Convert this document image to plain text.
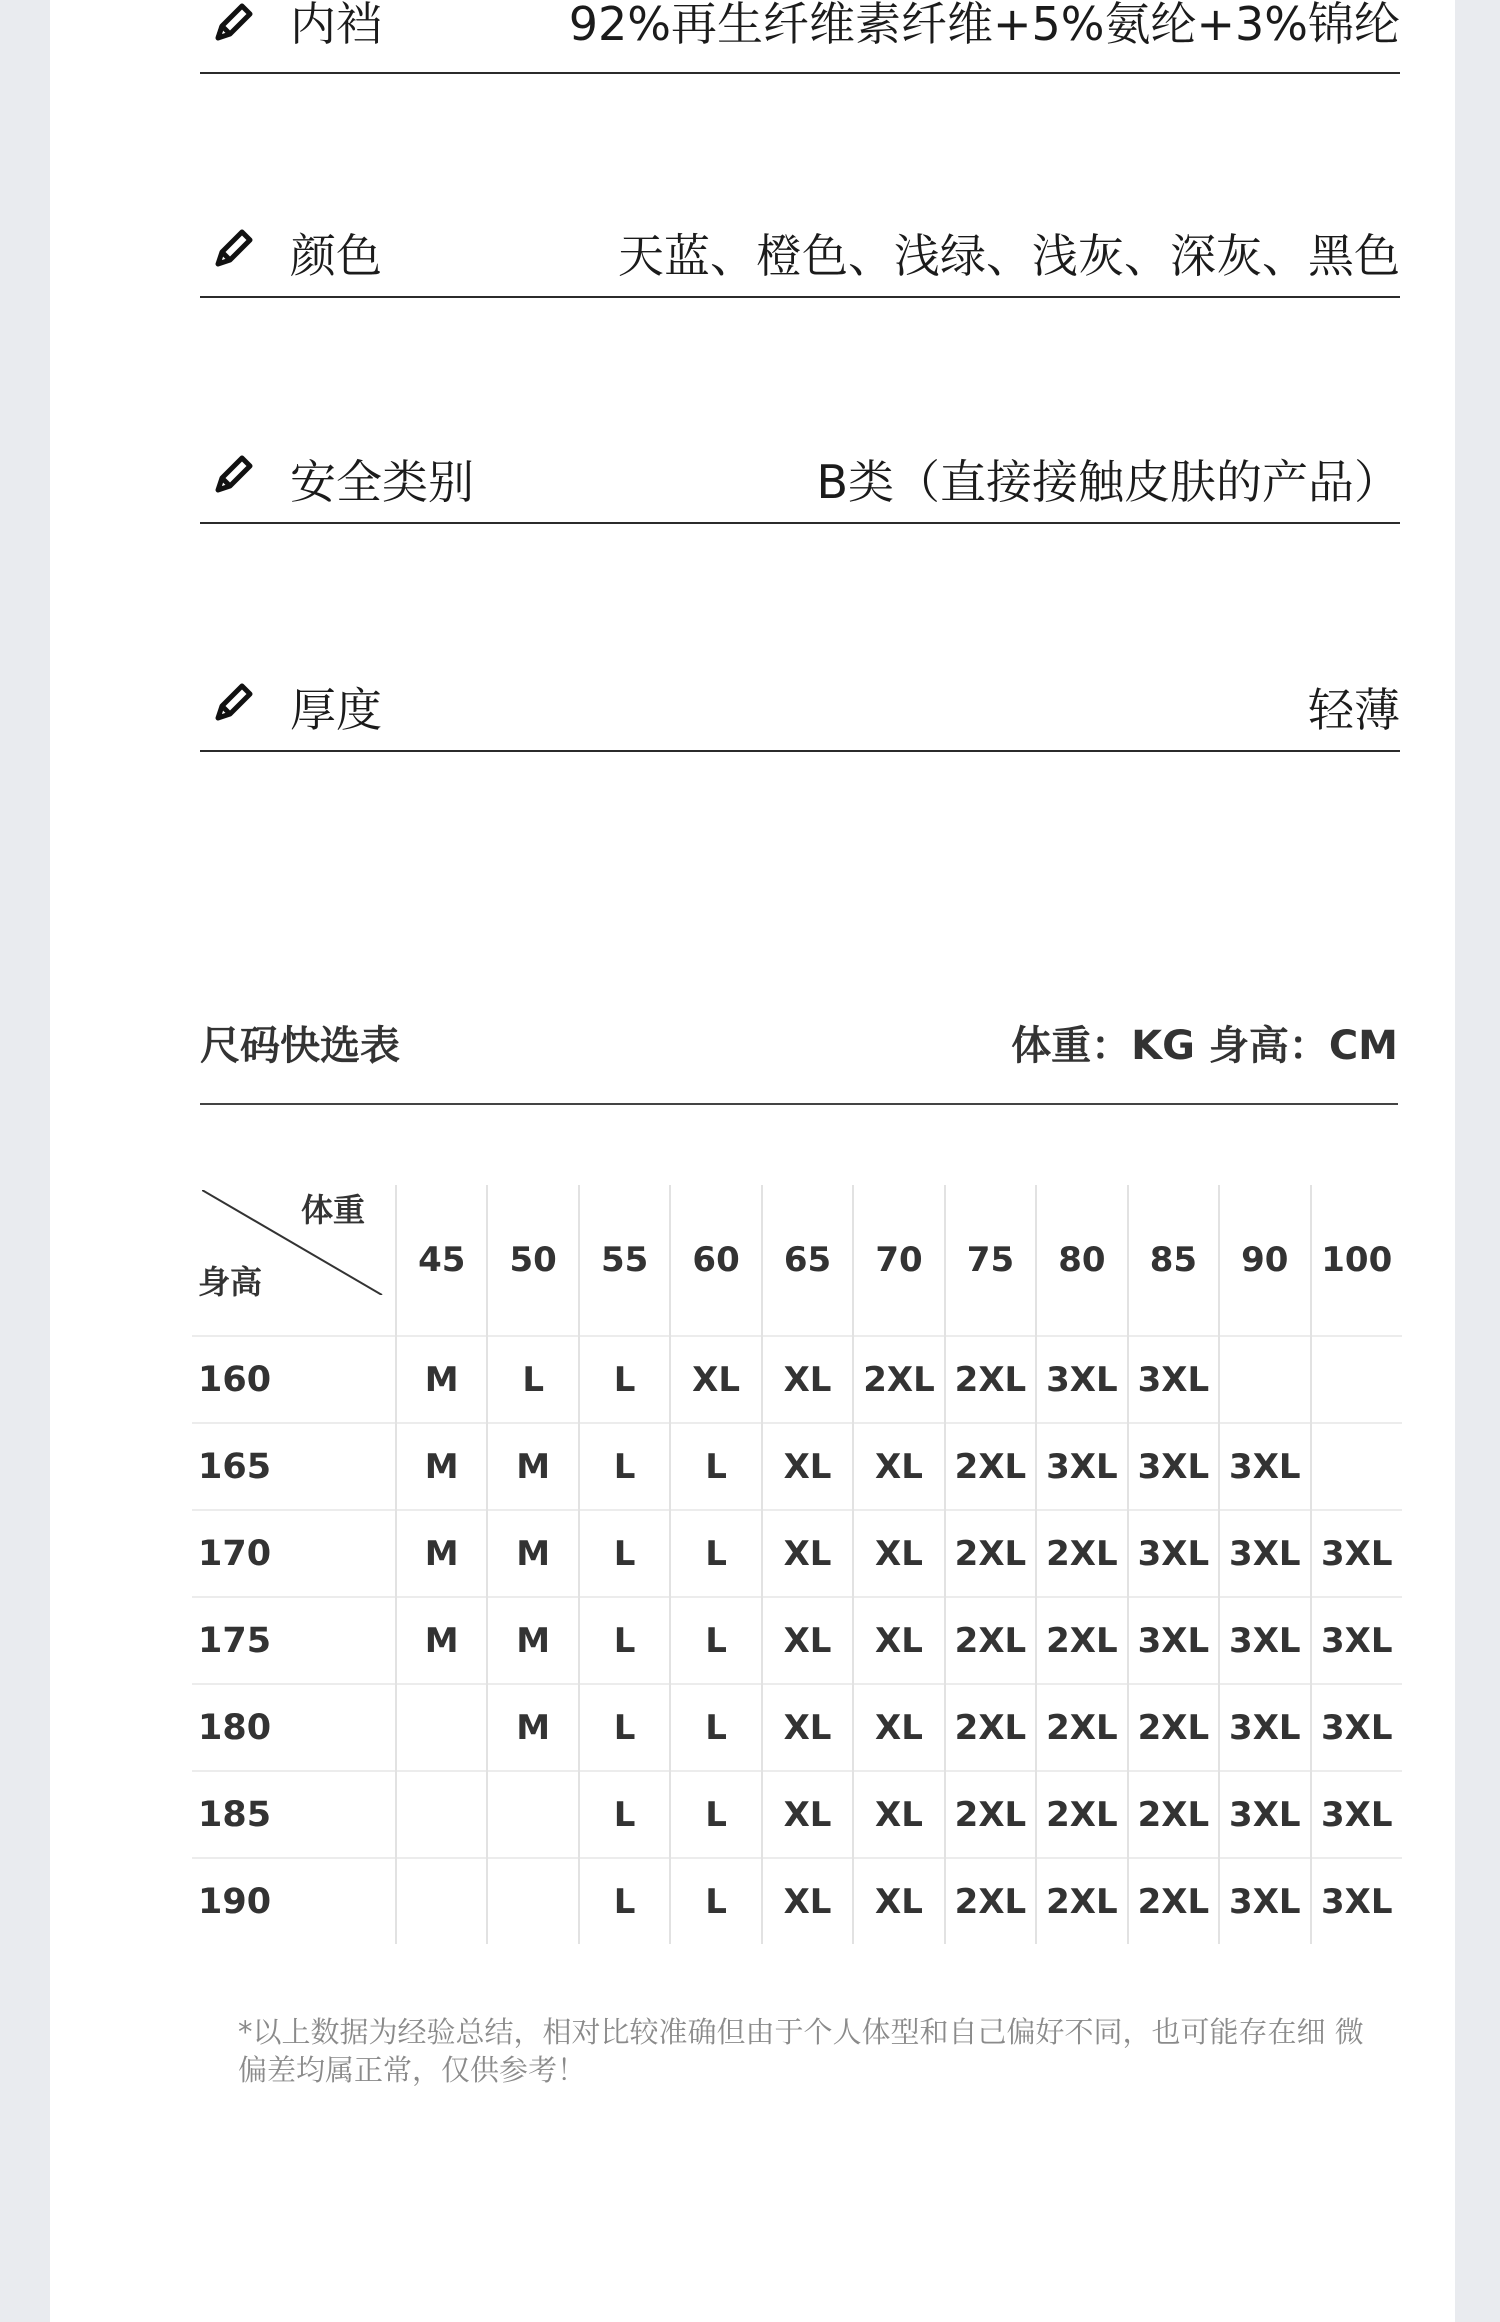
内裆	92%再生纤维素纤维+5%氨纶+3%锦纶
颜色	天蓝、橙色、浅绿、浅灰、深灰、黑色
安全类别	B类（直接接触皮肤的产品）
厚度	轻薄
尺码快选表	体重：KG 身高：CM
体重
身高	45	50	55	60	65	70	75	80	85	90	100
160	M	L	L	XL	XL	2XL	2XL	3XL	3XL		
165	M	M	L	L	XL	XL	2XL	3XL	3XL	3XL	
170	M	M	L	L	XL	XL	2XL	2XL	3XL	3XL	3XL
175	M	M	L	L	XL	XL	2XL	2XL	3XL	3XL	3XL
180		M	L	L	XL	XL	2XL	2XL	2XL	3XL	3XL
185			L	L	XL	XL	2XL	2XL	2XL	3XL	3XL
190			L	L	XL	XL	2XL	2XL	2XL	3XL	3XL
*以上数据为经验总结，相对比较准确但由于个人体型和自己偏好不同，也可能存在细 微偏差均属正常，仅供参考！
